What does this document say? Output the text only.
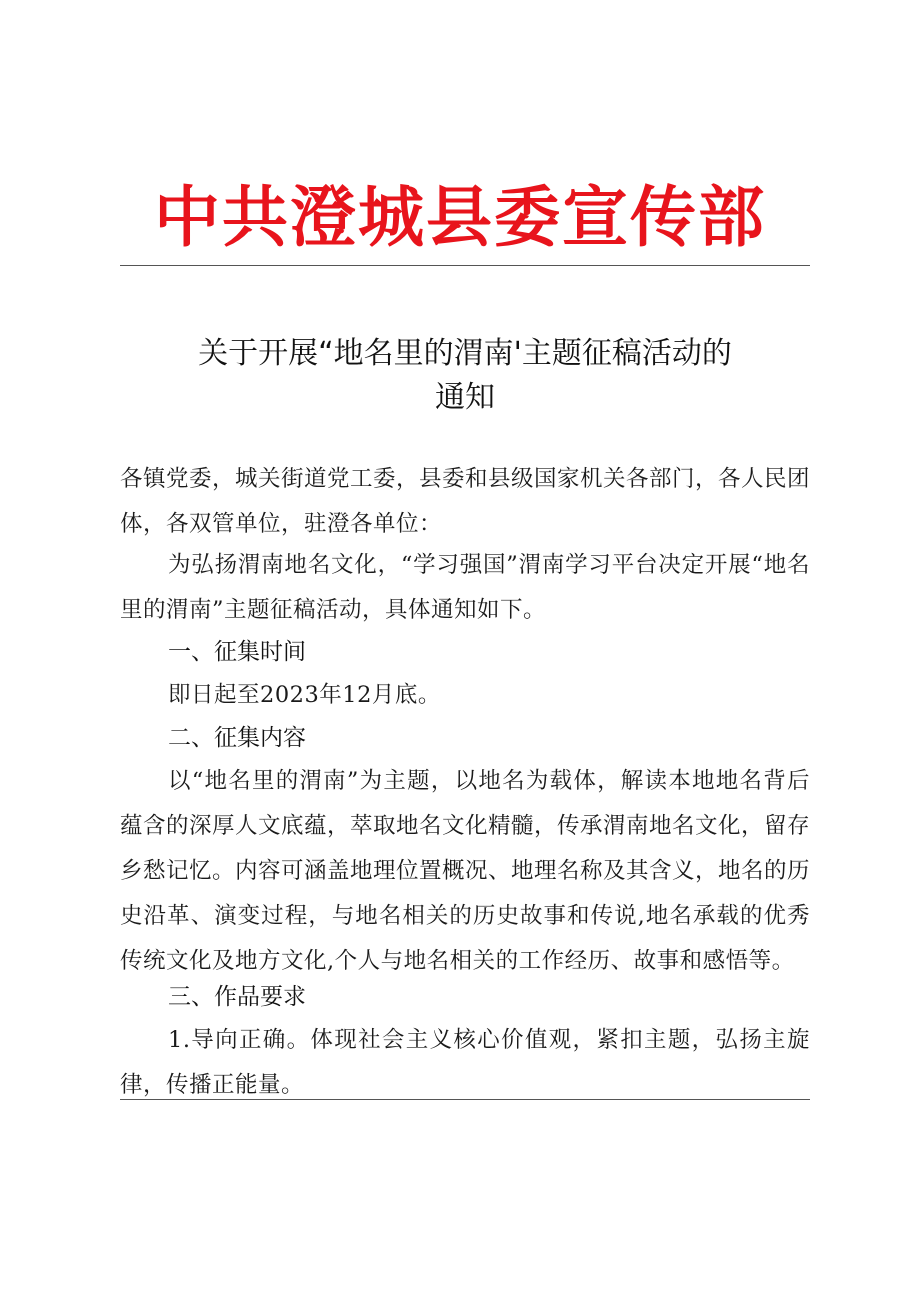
中共澄城县委宣传部
关于开展“地名里的渭南'主题征稿活动的
通知
各镇党委，城关街道党工委，县委和县级国家机关各部门，各人民团体，各双管单位，驻澄各单位：
为弘扬渭南地名文化，“学习强国”渭南学习平台决定开展“地名里的渭南”主题征稿活动，具体通知如下。
一、征集时间
即日起至2023年12月底。
二、征集内容
以“地名里的渭南”为主题，以地名为载体，解读本地地名背后蕴含的深厚人文底蕴，萃取地名文化精髓，传承渭南地名文化，留存乡愁记忆。内容可涵盖地理位置概况、地理名称及其含义，地名的历史沿革、演变过程，与地名相关的历史故事和传说,地名承载的优秀传统文化及地方文化,个人与地名相关的工作经历、故事和感悟等。
三、作品要求
1.导向正确。体现社会主义核心价值观，紧扣主题，弘扬主旋律，传播正能量。
